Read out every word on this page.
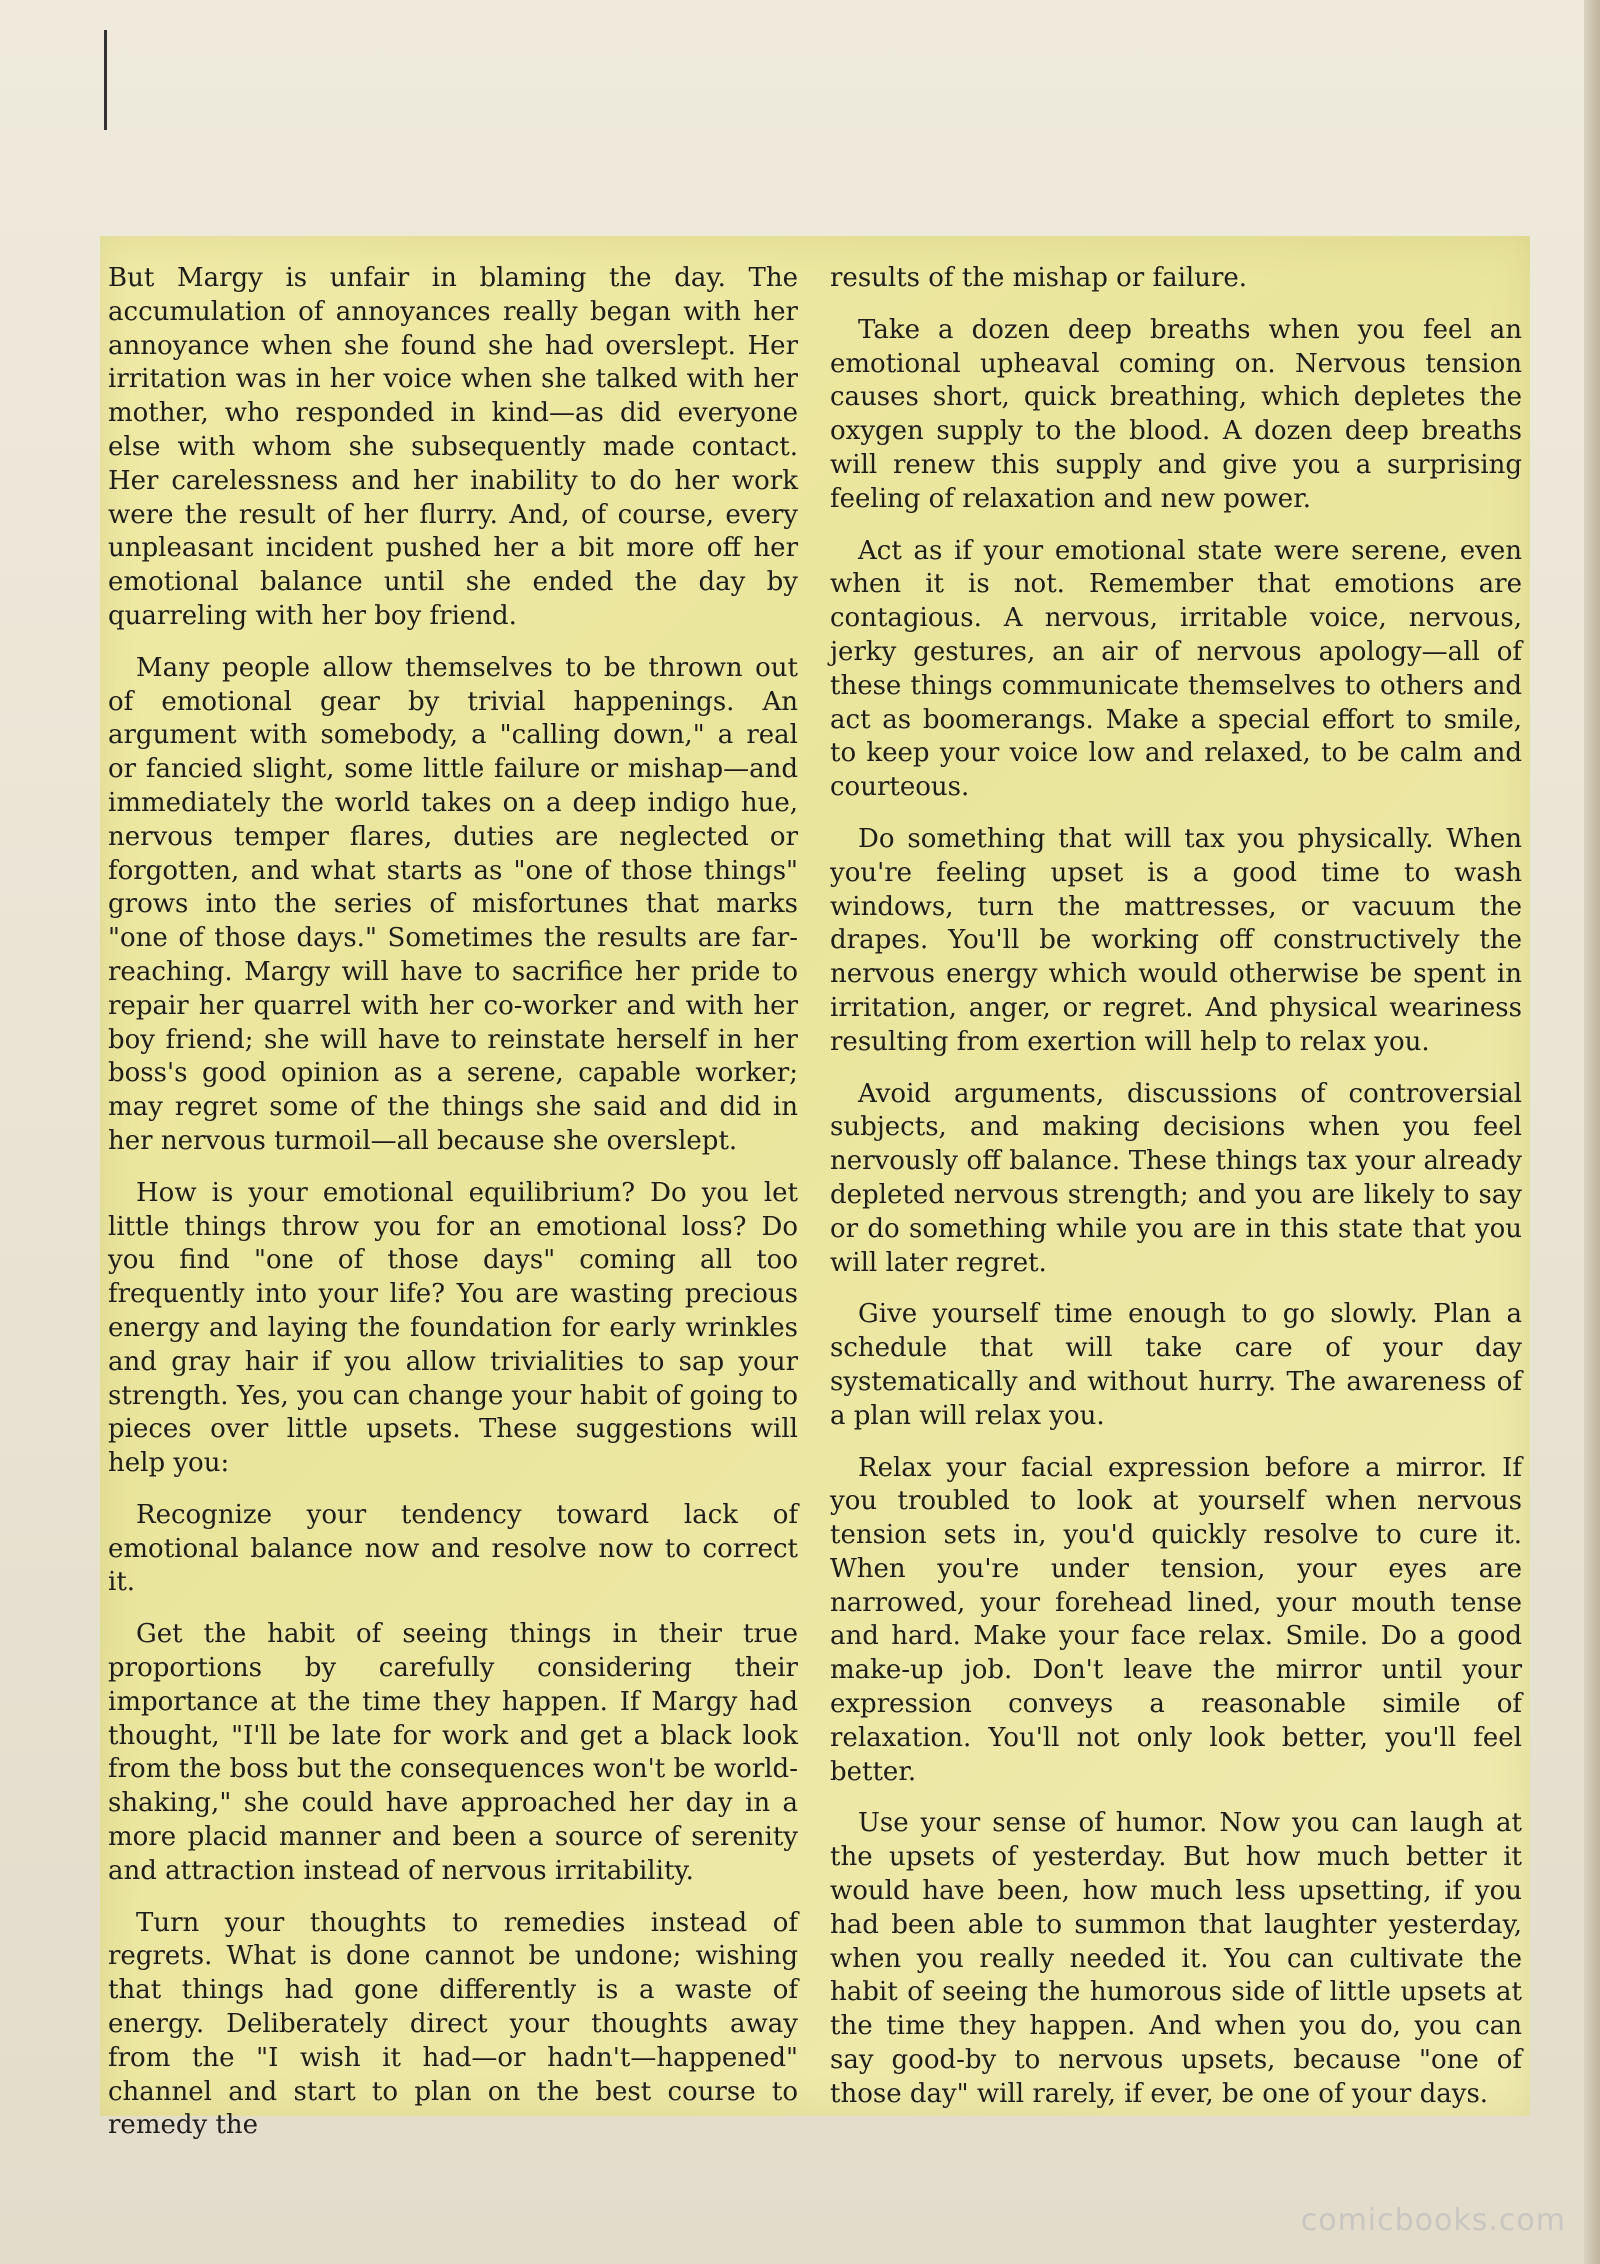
But Margy is unfair in blaming the day. The accumulation of annoyances really began with her annoyance when she found she had overslept. Her irritation was in her voice when she talked with her mother, who responded in kind—as did everyone else with whom she subsequently made contact. Her carelessness and her inability to do her work were the result of her flurry. And, of course, every unpleasant incident pushed her a bit more off her emotional balance until she ended the day by quarreling with her boy friend.

Many people allow themselves to be thrown out of emotional gear by trivial happenings. An argument with somebody, a "calling down," a real or fancied slight, some little failure or mishap—and immediately the world takes on a deep indigo hue, nervous temper flares, duties are neglected or forgotten, and what starts as "one of those things" grows into the series of misfortunes that marks "one of those days." Sometimes the results are far-reaching. Margy will have to sacrifice her pride to repair her quarrel with her co-worker and with her boy friend; she will have to reinstate herself in her boss's good opinion as a serene, capable worker; may regret some of the things she said and did in her nervous turmoil—all because she overslept.

How is your emotional equilibrium? Do you let little things throw you for an emotional loss? Do you find "one of those days" coming all too frequently into your life? You are wasting precious energy and laying the foundation for early wrinkles and gray hair if you allow trivialities to sap your strength. Yes, you can change your habit of going to pieces over little upsets. These suggestions will help you:

Recognize your tendency toward lack of emotional balance now and resolve now to correct it.

Get the habit of seeing things in their true proportions by carefully considering their importance at the time they happen. If Margy had thought, "I'll be late for work and get a black look from the boss but the consequences won't be world-shaking," she could have approached her day in a more placid manner and been a source of serenity and attraction instead of nervous irritability.

Turn your thoughts to remedies instead of regrets. What is done cannot be undone; wishing that things had gone differently is a waste of energy. Deliberately direct your thoughts away from the "I wish it had—or hadn't—happened" channel and start to plan on the best course to remedy the

results of the mishap or failure.

Take a dozen deep breaths when you feel an emotional upheaval coming on. Nervous tension causes short, quick breathing, which depletes the oxygen supply to the blood. A dozen deep breaths will renew this supply and give you a surprising feeling of relaxation and new power.

Act as if your emotional state were serene, even when it is not. Remember that emotions are contagious. A nervous, irritable voice, nervous, jerky gestures, an air of nervous apology—all of these things communicate themselves to others and act as boomerangs. Make a special effort to smile, to keep your voice low and relaxed, to be calm and courteous.

Do something that will tax you physically. When you're feeling upset is a good time to wash windows, turn the mattresses, or vacuum the drapes. You'll be working off constructively the nervous energy which would otherwise be spent in irritation, anger, or regret. And physical weariness resulting from exertion will help to relax you.

Avoid arguments, discussions of controversial subjects, and making decisions when you feel nervously off balance. These things tax your already depleted nervous strength; and you are likely to say or do something while you are in this state that you will later regret.

Give yourself time enough to go slowly. Plan a schedule that will take care of your day systematically and without hurry. The awareness of a plan will relax you.

Relax your facial expression before a mirror. If you troubled to look at yourself when nervous tension sets in, you'd quickly resolve to cure it. When you're under tension, your eyes are narrowed, your forehead lined, your mouth tense and hard. Make your face relax. Smile. Do a good make-up job. Don't leave the mirror until your expression conveys a reasonable simile of relaxation. You'll not only look better, you'll feel better.

Use your sense of humor. Now you can laugh at the upsets of yesterday. But how much better it would have been, how much less upsetting, if you had been able to summon that laughter yesterday, when you really needed it. You can cultivate the habit of seeing the humorous side of little upsets at the time they happen. And when you do, you can say good-by to nervous upsets, because "one of those day" will rarely, if ever, be one of your days.

comicbooks.com
